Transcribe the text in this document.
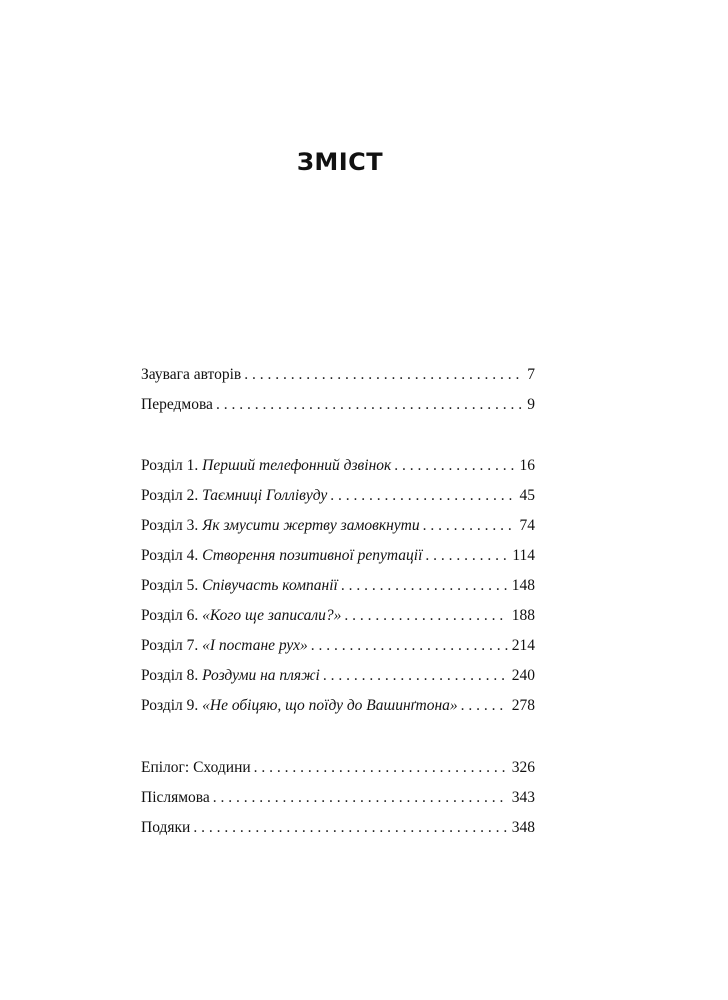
ЗМІСТ
Заувага авторів . . .	7
Передмова . . .	9
Розділ 1. Перший телефонний дзвінок . . .	16
Розділ 2. Таємниці Голлівуду . . .	45
Розділ 3. Як змусити жертву замовкнути . . .	74
Розділ 4. Створення позитивної репутації . . .	114
Розділ 5. Співучасть компанії . . .	148
Розділ 6. «Кого ще записали?» . . .	188
Розділ 7. «І постане рух» . . .	214
Розділ 8. Роздуми на пляжі . . .	240
Розділ 9. «Не обіцяю, що поїду до Вашинґтона» . . .	278
Епілог: Сходини . . .	326
Післямова . . .	343
Подяки . . .	348
